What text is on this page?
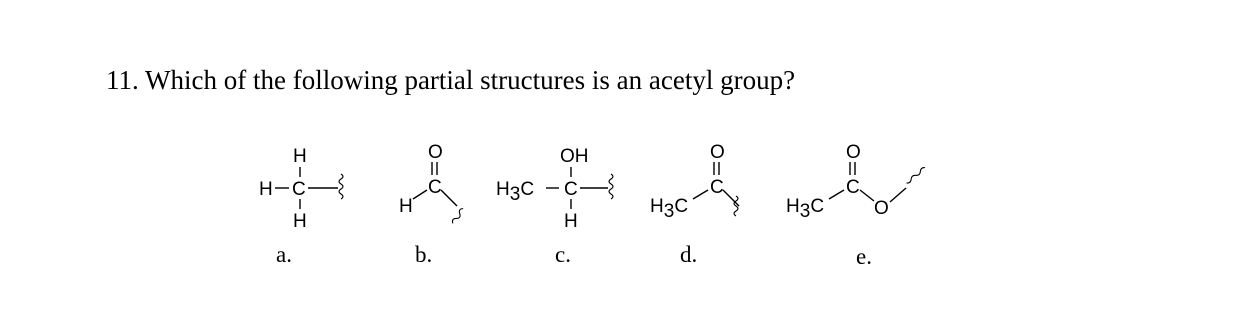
11. Which of the following partial structures is an acetyl group?
H
H C
H
a.
O
C
H
b.
OH
H3C C
H
c.
O
C
H3C
d.
O
C
H3C	O
e.
